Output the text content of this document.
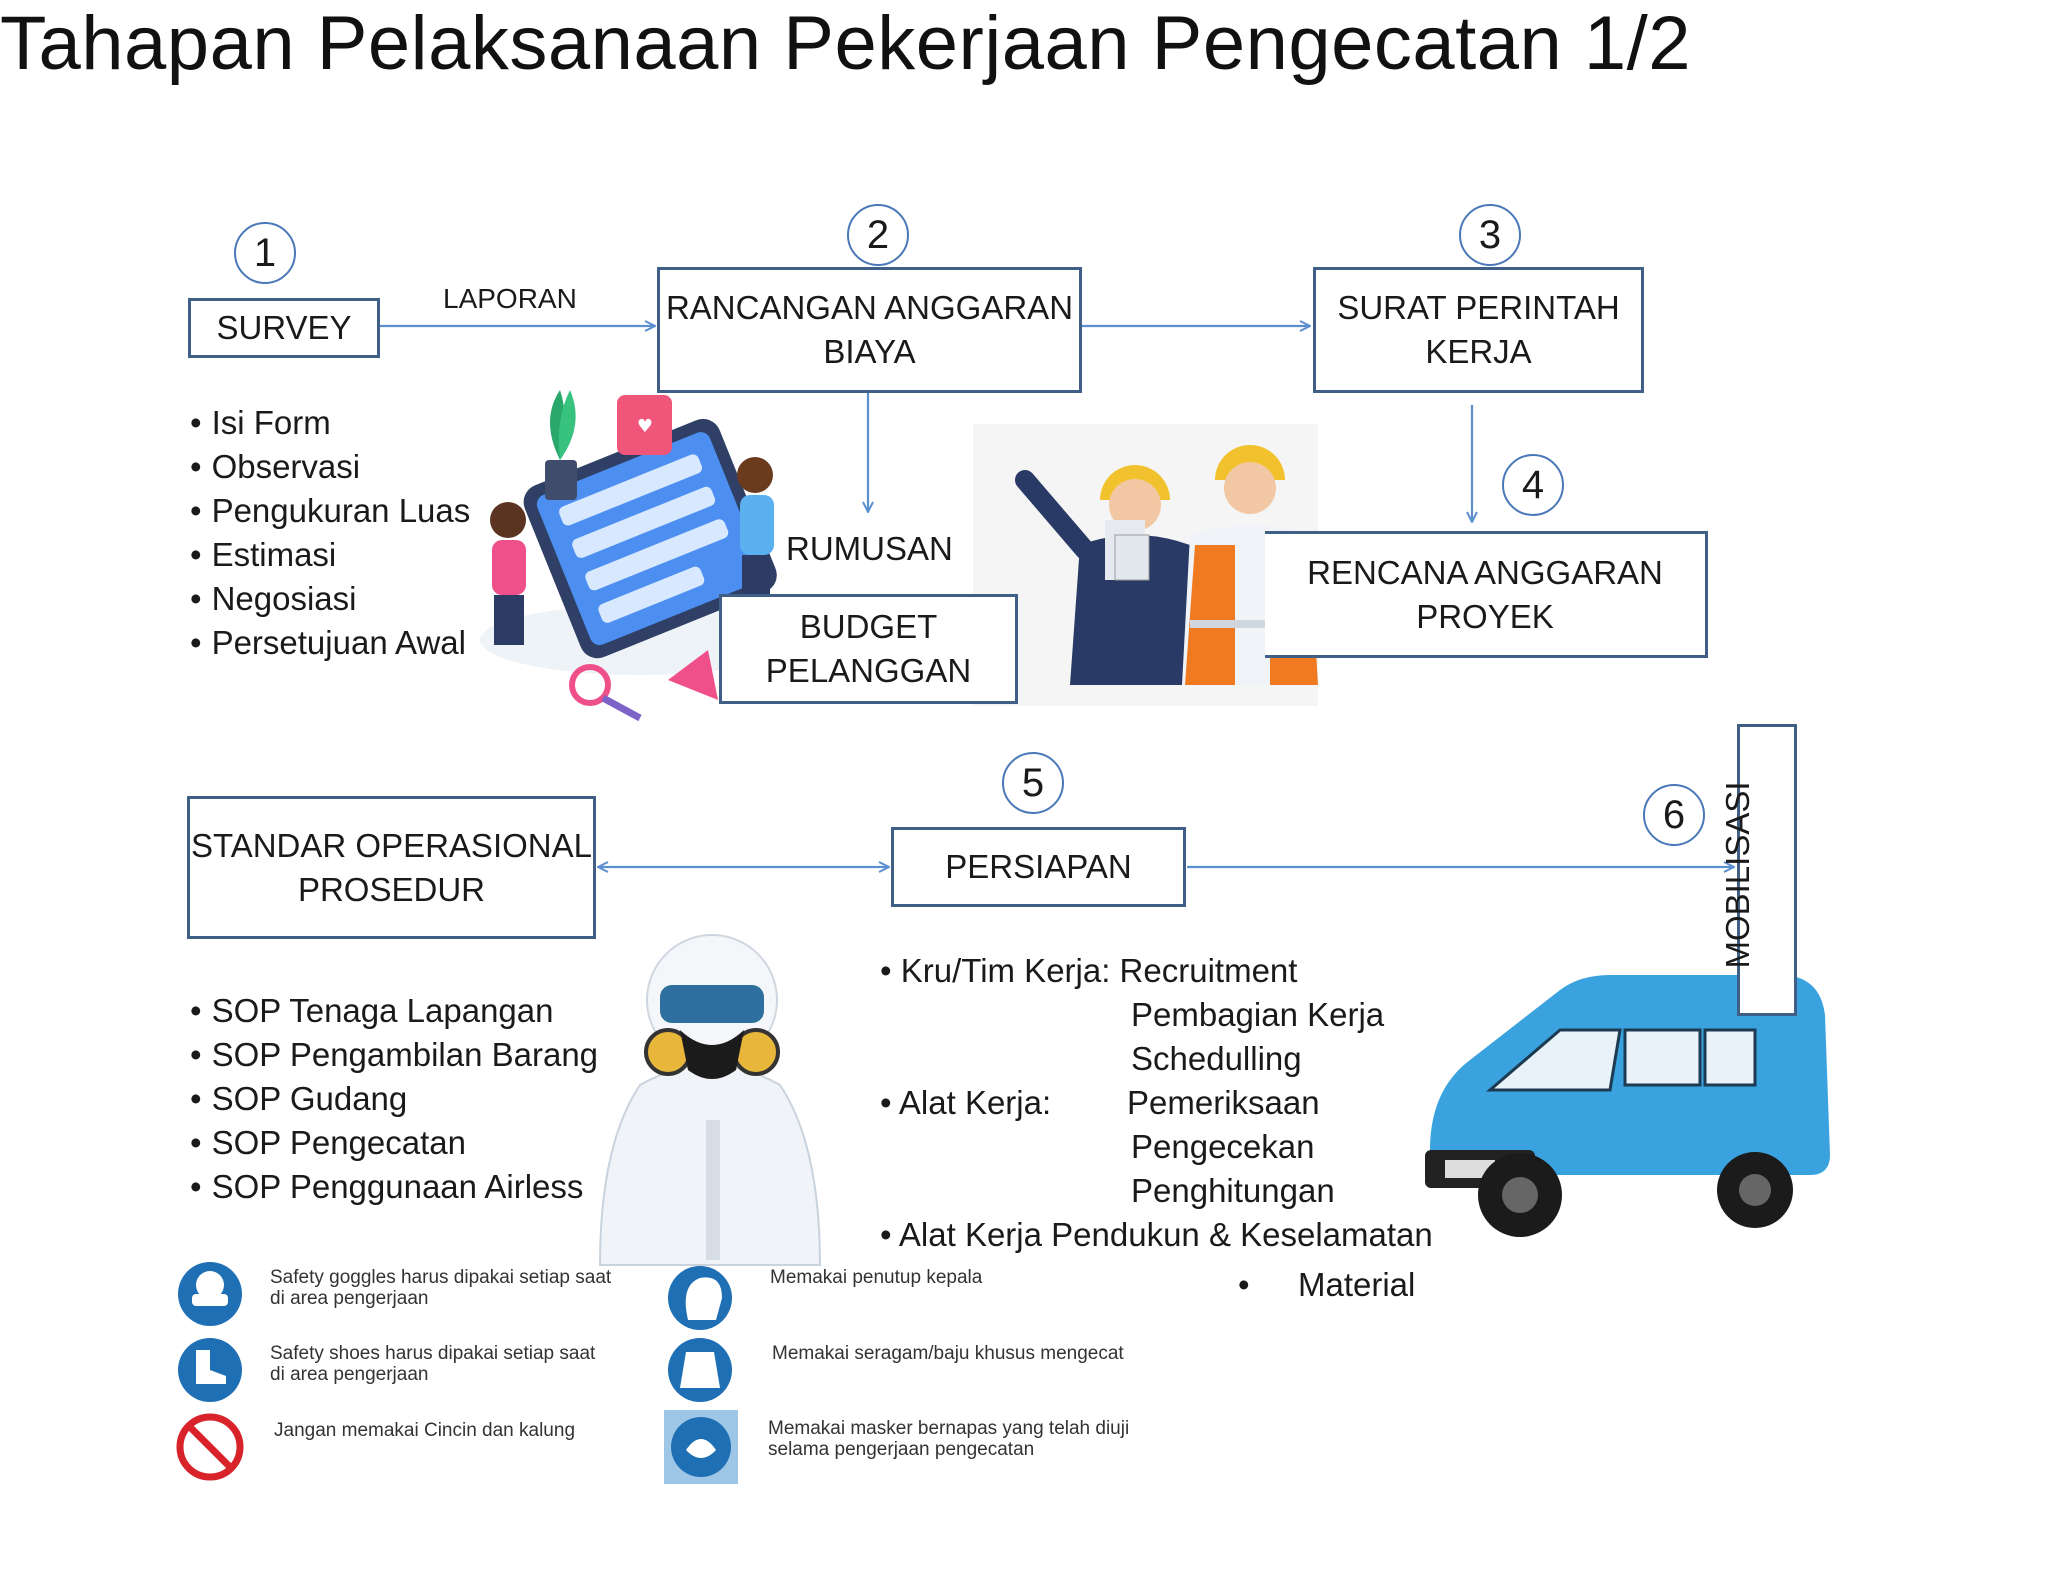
♥
Tahapan Pelaksanaan Pekerjaan Pengecatan 1/2
1
SURVEY
LAPORAN
2
RANCANGAN ANGGARAN
BIAYA
3
SURAT PERINTAH
KERJA
4
RENCANA ANGGARAN
PROYEK
RUMUSAN
BUDGET
PELANGGAN
• Isi Form
• Observasi
• Pengukuran Luas
• Estimasi
• Negosiasi
• Persetujuan Awal
STANDAR OPERASIONAL
PROSEDUR
• SOP Tenaga Lapangan
• SOP Pengambilan Barang
• SOP Gudang
• SOP Pengecatan
• SOP Penggunaan Airless
5
PERSIAPAN
• Kru/Tim Kerja: Recruitment
Pembagian Kerja
Schedulling
• Alat Kerja: Pemeriksaan
Pengecekan
Penghitungan
• Alat Kerja Pendukun & Keselamatan
• Material
6	MOBILISASI
Safety goggles harus dipakai setiap saat
di area pengerjaan
Safety shoes harus dipakai setiap saat
di area pengerjaan
Jangan memakai Cincin dan kalung
Memakai penutup kepala
Memakai seragam/baju khusus mengecat
Memakai masker bernapas yang telah diuji
selama pengerjaan pengecatan
